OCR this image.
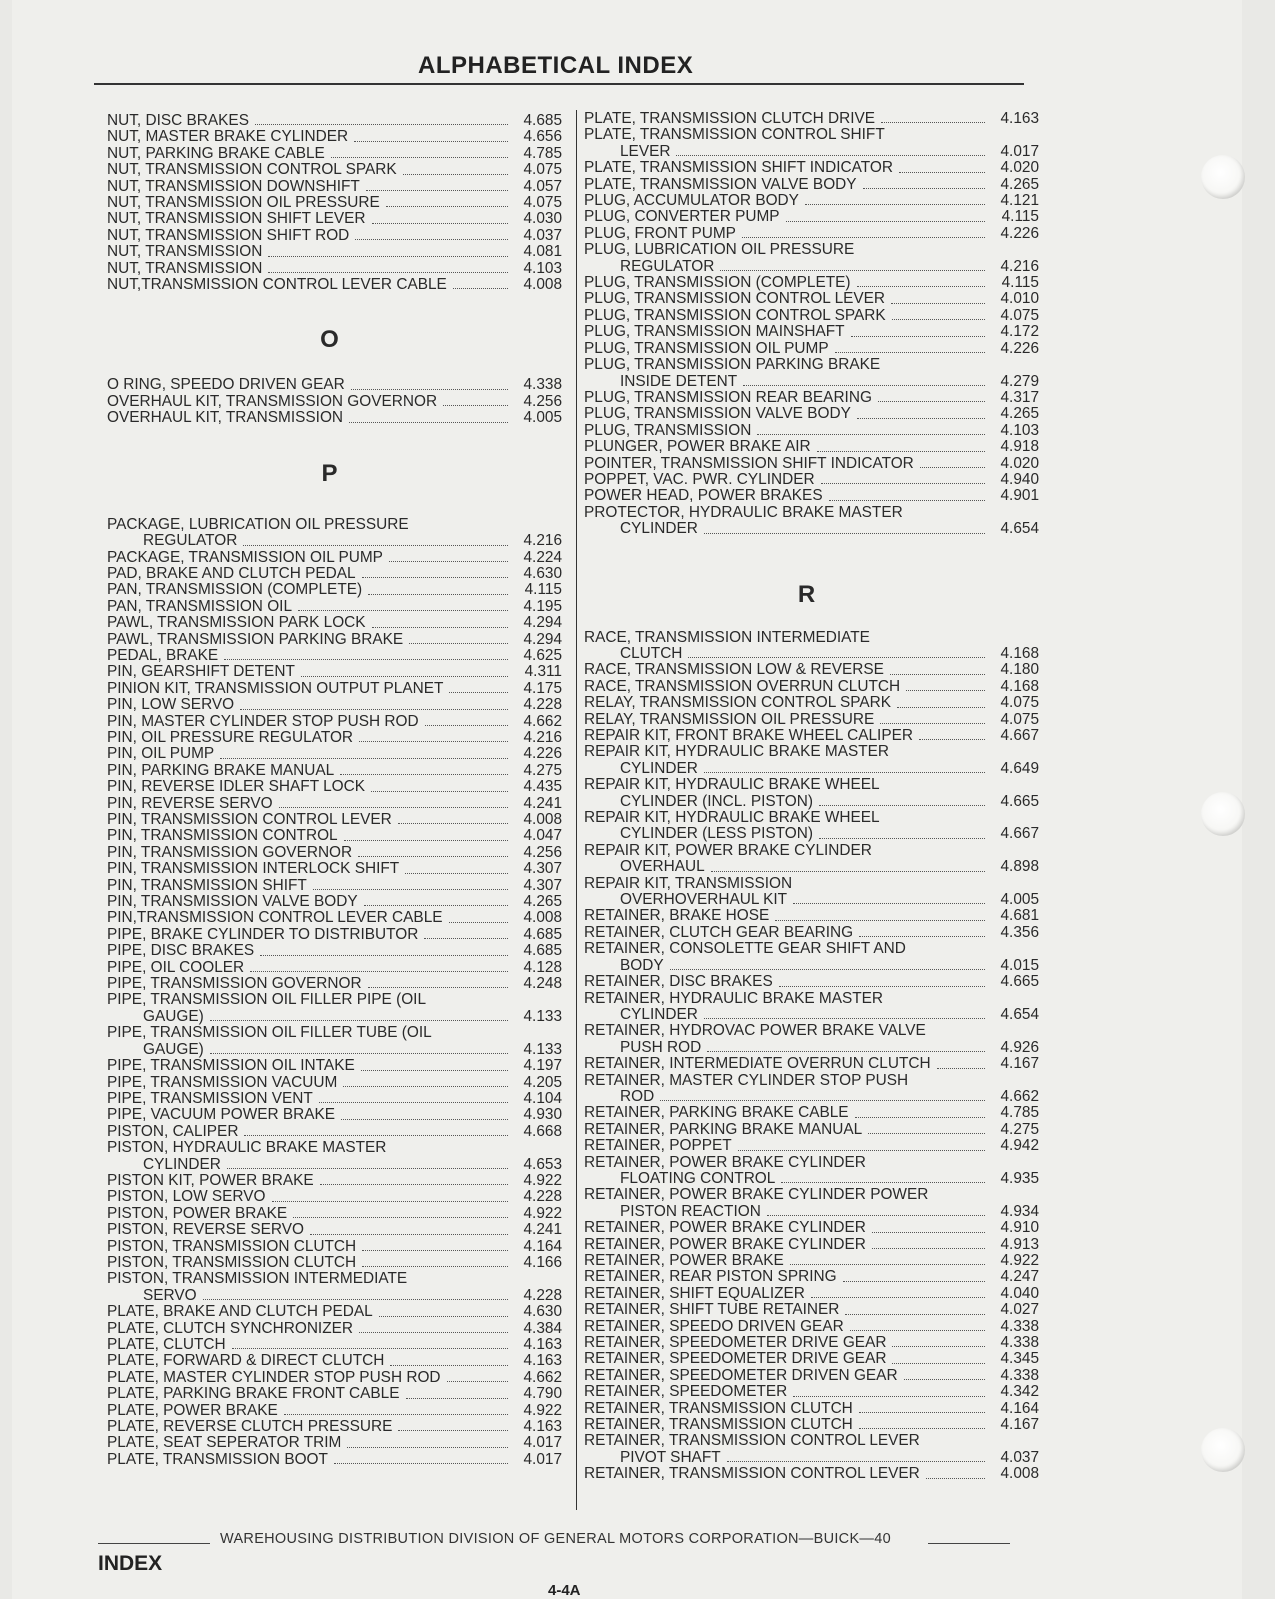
ALPHABETICAL INDEX
NUT, DISC BRAKES	4.685
NUT, MASTER BRAKE CYLINDER	4.656
NUT, PARKING BRAKE CABLE	4.785
NUT, TRANSMISSION CONTROL SPARK	4.075
NUT, TRANSMISSION DOWNSHIFT	4.057
NUT, TRANSMISSION OIL PRESSURE	4.075
NUT, TRANSMISSION SHIFT LEVER	4.030
NUT, TRANSMISSION SHIFT ROD	4.037
NUT, TRANSMISSION	4.081
NUT, TRANSMISSION	4.103
NUT,TRANSMISSION CONTROL LEVER CABLE	4.008
O
O RING, SPEEDO DRIVEN GEAR	4.338
OVERHAUL KIT, TRANSMISSION GOVERNOR	4.256
OVERHAUL KIT, TRANSMISSION	4.005
P
PACKAGE, LUBRICATION OIL PRESSURE
REGULATOR	4.216
PACKAGE, TRANSMISSION OIL PUMP	4.224
PAD, BRAKE AND CLUTCH PEDAL	4.630
PAN, TRANSMISSION (COMPLETE)	4.115
PAN, TRANSMISSION OIL	4.195
PAWL, TRANSMISSION PARK LOCK	4.294
PAWL, TRANSMISSION PARKING BRAKE	4.294
PEDAL, BRAKE	4.625
PIN, GEARSHIFT DETENT	4.311
PINION KIT, TRANSMISSION OUTPUT PLANET	4.175
PIN, LOW SERVO	4.228
PIN, MASTER CYLINDER STOP PUSH ROD	4.662
PIN, OIL PRESSURE REGULATOR	4.216
PIN, OIL PUMP	4.226
PIN, PARKING BRAKE MANUAL	4.275
PIN, REVERSE IDLER SHAFT LOCK	4.435
PIN, REVERSE SERVO	4.241
PIN, TRANSMISSION CONTROL LEVER	4.008
PIN, TRANSMISSION CONTROL	4.047
PIN, TRANSMISSION GOVERNOR	4.256
PIN, TRANSMISSION INTERLOCK SHIFT	4.307
PIN, TRANSMISSION SHIFT	4.307
PIN, TRANSMISSION VALVE BODY	4.265
PIN,TRANSMISSION CONTROL LEVER CABLE	4.008
PIPE, BRAKE CYLINDER TO DISTRIBUTOR	4.685
PIPE, DISC BRAKES	4.685
PIPE, OIL COOLER	4.128
PIPE, TRANSMISSION GOVERNOR	4.248
PIPE, TRANSMISSION OIL FILLER PIPE (OIL
GAUGE)	4.133
PIPE, TRANSMISSION OIL FILLER TUBE (OIL
GAUGE)	4.133
PIPE, TRANSMISSION OIL INTAKE	4.197
PIPE, TRANSMISSION VACUUM	4.205
PIPE, TRANSMISSION VENT	4.104
PIPE, VACUUM POWER BRAKE	4.930
PISTON, CALIPER	4.668
PISTON, HYDRAULIC BRAKE MASTER
CYLINDER	4.653
PISTON KIT, POWER BRAKE	4.922
PISTON, LOW SERVO	4.228
PISTON, POWER BRAKE	4.922
PISTON, REVERSE SERVO	4.241
PISTON, TRANSMISSION CLUTCH	4.164
PISTON, TRANSMISSION CLUTCH	4.166
PISTON, TRANSMISSION INTERMEDIATE
SERVO	4.228
PLATE, BRAKE AND CLUTCH PEDAL	4.630
PLATE, CLUTCH SYNCHRONIZER	4.384
PLATE, CLUTCH	4.163
PLATE, FORWARD & DIRECT CLUTCH	4.163
PLATE, MASTER CYLINDER STOP PUSH ROD	4.662
PLATE, PARKING BRAKE FRONT CABLE	4.790
PLATE, POWER BRAKE	4.922
PLATE, REVERSE CLUTCH PRESSURE	4.163
PLATE, SEAT SEPERATOR TRIM	4.017
PLATE, TRANSMISSION BOOT	4.017
PLATE, TRANSMISSION CLUTCH DRIVE	4.163
PLATE, TRANSMISSION CONTROL SHIFT
LEVER	4.017
PLATE, TRANSMISSION SHIFT INDICATOR	4.020
PLATE, TRANSMISSION VALVE BODY	4.265
PLUG, ACCUMULATOR BODY	4.121
PLUG, CONVERTER PUMP	4.115
PLUG, FRONT PUMP	4.226
PLUG, LUBRICATION OIL PRESSURE
REGULATOR	4.216
PLUG, TRANSMISSION (COMPLETE)	4.115
PLUG, TRANSMISSION CONTROL LEVER	4.010
PLUG, TRANSMISSION CONTROL SPARK	4.075
PLUG, TRANSMISSION MAINSHAFT	4.172
PLUG, TRANSMISSION OIL PUMP	4.226
PLUG, TRANSMISSION PARKING BRAKE
INSIDE DETENT	4.279
PLUG, TRANSMISSION REAR BEARING	4.317
PLUG, TRANSMISSION VALVE BODY	4.265
PLUG, TRANSMISSION	4.103
PLUNGER, POWER BRAKE AIR	4.918
POINTER, TRANSMISSION SHIFT INDICATOR	4.020
POPPET, VAC. PWR. CYLINDER	4.940
POWER HEAD, POWER BRAKES	4.901
PROTECTOR, HYDRAULIC BRAKE MASTER
CYLINDER	4.654
R
RACE, TRANSMISSION INTERMEDIATE
CLUTCH	4.168
RACE, TRANSMISSION LOW & REVERSE	4.180
RACE, TRANSMISSION OVERRUN CLUTCH	4.168
RELAY, TRANSMISSION CONTROL SPARK	4.075
RELAY, TRANSMISSION OIL PRESSURE	4.075
REPAIR KIT, FRONT BRAKE WHEEL CALIPER	4.667
REPAIR KIT, HYDRAULIC BRAKE MASTER
CYLINDER	4.649
REPAIR KIT, HYDRAULIC BRAKE WHEEL
CYLINDER (INCL. PISTON)	4.665
REPAIR KIT, HYDRAULIC BRAKE WHEEL
CYLINDER (LESS PISTON)	4.667
REPAIR KIT, POWER BRAKE CYLINDER
OVERHAUL	4.898
REPAIR KIT, TRANSMISSION
OVERHOVERHAUL KIT	4.005
RETAINER, BRAKE HOSE	4.681
RETAINER, CLUTCH GEAR BEARING	4.356
RETAINER, CONSOLETTE GEAR SHIFT AND
BODY	4.015
RETAINER, DISC BRAKES	4.665
RETAINER, HYDRAULIC BRAKE MASTER
CYLINDER	4.654
RETAINER, HYDROVAC POWER BRAKE VALVE
PUSH ROD	4.926
RETAINER, INTERMEDIATE OVERRUN CLUTCH	4.167
RETAINER, MASTER CYLINDER STOP PUSH
ROD	4.662
RETAINER, PARKING BRAKE CABLE	4.785
RETAINER, PARKING BRAKE MANUAL	4.275
RETAINER, POPPET	4.942
RETAINER, POWER BRAKE CYLINDER
FLOATING CONTROL	4.935
RETAINER, POWER BRAKE CYLINDER POWER
PISTON REACTION	4.934
RETAINER, POWER BRAKE CYLINDER	4.910
RETAINER, POWER BRAKE CYLINDER	4.913
RETAINER, POWER BRAKE	4.922
RETAINER, REAR PISTON SPRING	4.247
RETAINER, SHIFT EQUALIZER	4.040
RETAINER, SHIFT TUBE RETAINER	4.027
RETAINER, SPEEDO DRIVEN GEAR	4.338
RETAINER, SPEEDOMETER DRIVE GEAR	4.338
RETAINER, SPEEDOMETER DRIVE GEAR	4.345
RETAINER, SPEEDOMETER DRIVEN GEAR	4.338
RETAINER, SPEEDOMETER	4.342
RETAINER, TRANSMISSION CLUTCH	4.164
RETAINER, TRANSMISSION CLUTCH	4.167
RETAINER, TRANSMISSION CONTROL LEVER
PIVOT SHAFT	4.037
RETAINER, TRANSMISSION CONTROL LEVER	4.008
WAREHOUSING DISTRIBUTION DIVISION OF GENERAL MOTORS CORPORATION—BUICK—40
INDEX
4-4A
